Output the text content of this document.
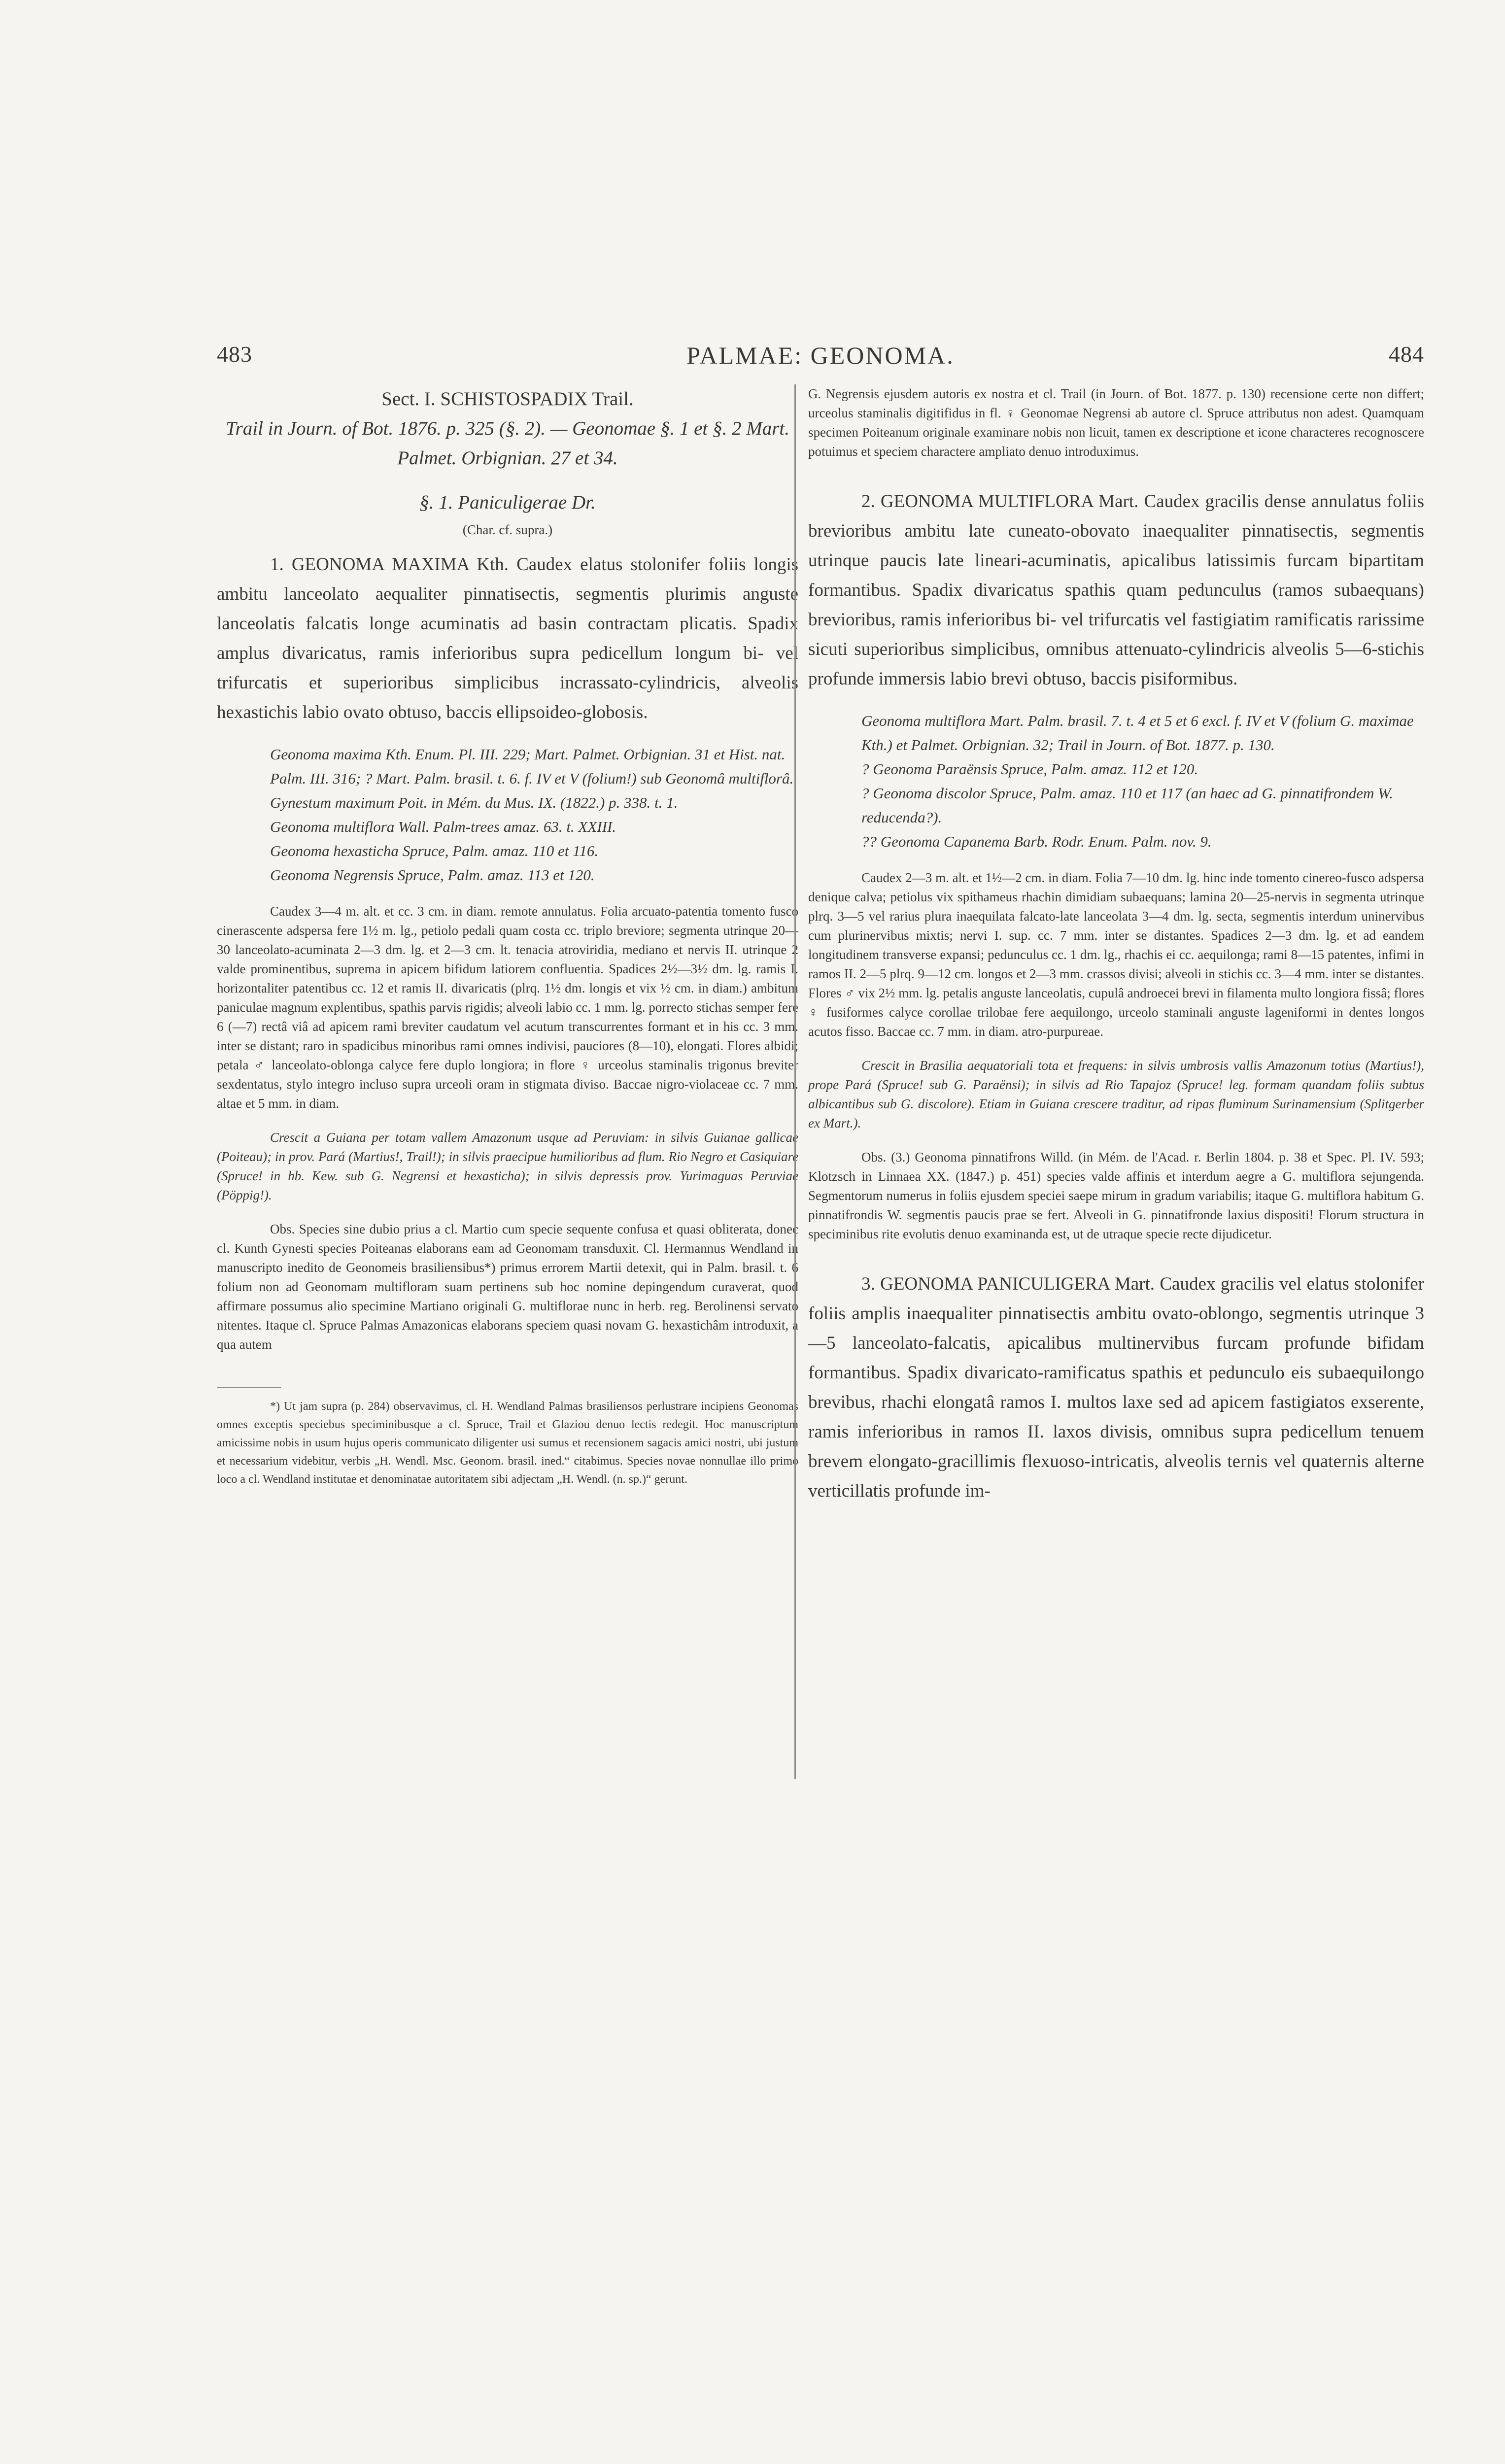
483	PALMAE: GEONOMA.	484

Sect. I. SCHISTOSPADIX Trail.

Trail in Journ. of Bot. 1876. p. 325 (§. 2). — Geonomae §. 1 et §. 2 Mart. Palmet. Orbignian. 27 et 34.

§. 1. Paniculigerae Dr.

(Char. cf. supra.)

1. GEONOMA MAXIMA Kth. Caudex elatus stolonifer foliis longis ambitu lanceolato aequaliter pinnatisectis, segmentis plurimis anguste lanceolatis falcatis longe acuminatis ad basin contractam plicatis. Spadix amplus divaricatus, ramis inferioribus supra pedicellum longum bi- vel trifurcatis et superioribus simplicibus incrassato-cylindricis, alveolis hexastichis labio ovato obtuso, baccis ellipsoideo-globosis.

Geonoma maxima Kth. Enum. Pl. III. 229; Mart. Palmet. Orbignian. 31 et Hist. nat. Palm. III. 316; ? Mart. Palm. brasil. t. 6. f. IV et V (folium!) sub Geonomâ multiflorâ.

Gynestum maximum Poit. in Mém. du Mus. IX. (1822.) p. 338. t. 1.

Geonoma multiflora Wall. Palm-trees amaz. 63. t. XXIII.

Geonoma hexasticha Spruce, Palm. amaz. 110 et 116.

Geonoma Negrensis Spruce, Palm. amaz. 113 et 120.

Caudex 3—4 m. alt. et cc. 3 cm. in diam. remote annulatus. Folia arcuato-patentia tomento fusco cinerascente adspersa fere 1½ m. lg., petiolo pedali quam costa cc. triplo breviore; segmenta utrinque 20—30 lanceolato-acuminata 2—3 dm. lg. et 2—3 cm. lt. tenacia atroviridia, mediano et nervis II. utrinque 2 valde prominentibus, suprema in apicem bifidum latiorem confluentia. Spadices 2½—3½ dm. lg. ramis I. horizontaliter patentibus cc. 12 et ramis II. divaricatis (plrq. 1½ dm. longis et vix ½ cm. in diam.) ambitum paniculae magnum explentibus, spathis parvis rigidis; alveoli labio cc. 1 mm. lg. porrecto stichas semper fere 6 (—7) rectâ viâ ad apicem rami breviter caudatum vel acutum transcurrentes formant et in his cc. 3 mm. inter se distant; raro in spadicibus minoribus rami omnes indivisi, pauciores (8—10), elongati. Flores albidi; petala ♂ lanceolato-oblonga calyce fere duplo longiora; in flore ♀ urceolus staminalis trigonus breviter sexdentatus, stylo integro incluso supra urceoli oram in stigmata diviso. Baccae nigro-violaceae cc. 7 mm. altae et 5 mm. in diam.

Crescit a Guiana per totam vallem Amazonum usque ad Peruviam: in silvis Guianae gallicae (Poiteau); in prov. Pará (Martius!, Trail!); in silvis praecipue humilioribus ad flum. Rio Negro et Casiquiare (Spruce! in hb. Kew. sub G. Negrensi et hexasticha); in silvis depressis prov. Yurimaguas Peruviae (Pöppig!).

Obs. Species sine dubio prius a cl. Martio cum specie sequente confusa et quasi obliterata, donec cl. Kunth Gynesti species Poiteanas elaborans eam ad Geonomam transduxit. Cl. Hermannus Wendland in manuscripto inedito de Geonomeis brasiliensibus*) primus errorem Martii detexit, qui in Palm. brasil. t. 6 folium non ad Geonomam multifloram suam pertinens sub hoc nomine depingendum curaverat, quod affirmare possumus alio specimine Martiano originali G. multiflorae nunc in herb. reg. Berolinensi servato nitentes. Itaque cl. Spruce Palmas Amazonicas elaborans speciem quasi novam G. hexastichâm introduxit, a qua autem

*) Ut jam supra (p. 284) observavimus, cl. H. Wendland Palmas brasiliensos perlustrare incipiens Geonomas omnes exceptis speciebus speciminibusque a cl. Spruce, Trail et Glaziou denuo lectis redegit. Hoc manuscriptum amicissime nobis in usum hujus operis communicato diligenter usi sumus et recensionem sagacis amici nostri, ubi justum et necessarium videbitur, verbis „H. Wendl. Msc. Geonom. brasil. ined.“ citabimus. Species novae nonnullae illo primo loco a cl. Wendland institutae et denominatae autoritatem sibi adjectam „H. Wendl. (n. sp.)“ gerunt.

G. Negrensis ejusdem autoris ex nostra et cl. Trail (in Journ. of Bot. 1877. p. 130) recensione certe non differt; urceolus staminalis digitifidus in fl. ♀ Geonomae Negrensi ab autore cl. Spruce attributus non adest. Quamquam specimen Poiteanum originale examinare nobis non licuit, tamen ex descriptione et icone characteres recognoscere potuimus et speciem charactere ampliato denuo introduximus.

2. GEONOMA MULTIFLORA Mart. Caudex gracilis dense annulatus foliis brevioribus ambitu late cuneato-obovato inaequaliter pinnatisectis, segmentis utrinque paucis late lineari-acuminatis, apicalibus latissimis furcam bipartitam formantibus. Spadix divaricatus spathis quam pedunculus (ramos subaequans) brevioribus, ramis inferioribus bi- vel trifurcatis vel fastigiatim ramificatis rarissime sicuti superioribus simplicibus, omnibus attenuato-cylindricis alveolis 5—6-stichis profunde immersis labio brevi obtuso, baccis pisiformibus.

Geonoma multiflora Mart. Palm. brasil. 7. t. 4 et 5 et 6 excl. f. IV et V (folium G. maximae Kth.) et Palmet. Orbignian. 32; Trail in Journ. of Bot. 1877. p. 130.

? Geonoma Paraënsis Spruce, Palm. amaz. 112 et 120.

? Geonoma discolor Spruce, Palm. amaz. 110 et 117 (an haec ad G. pinnatifrondem W. reducenda?).

?? Geonoma Capanema Barb. Rodr. Enum. Palm. nov. 9.

Caudex 2—3 m. alt. et 1½—2 cm. in diam. Folia 7—10 dm. lg. hinc inde tomento cinereo-fusco adspersa denique calva; petiolus vix spithameus rhachin dimidiam subaequans; lamina 20—25-nervis in segmenta utrinque plrq. 3—5 vel rarius plura inaequilata falcato-late lanceolata 3—4 dm. lg. secta, segmentis interdum uninervibus cum plurinervibus mixtis; nervi I. sup. cc. 7 mm. inter se distantes. Spadices 2—3 dm. lg. et ad eandem longitudinem transverse expansi; pedunculus cc. 1 dm. lg., rhachis ei cc. aequilonga; rami 8—15 patentes, infimi in ramos II. 2—5 plrq. 9—12 cm. longos et 2—3 mm. crassos divisi; alveoli in stichis cc. 3—4 mm. inter se distantes. Flores ♂ vix 2½ mm. lg. petalis anguste lanceolatis, cupulâ androecei brevi in filamenta multo longiora fissâ; flores ♀ fusiformes calyce corollae trilobae fere aequilongo, urceolo staminali anguste lageniformi in dentes longos acutos fisso. Baccae cc. 7 mm. in diam. atro-purpureae.

Crescit in Brasilia aequatoriali tota et frequens: in silvis umbrosis vallis Amazonum totius (Martius!), prope Pará (Spruce! sub G. Paraënsi); in silvis ad Rio Tapajoz (Spruce! leg. formam quandam foliis subtus albicantibus sub G. discolore). Etiam in Guiana crescere traditur, ad ripas fluminum Surinamensium (Splitgerber ex Mart.).

Obs. (3.) Geonoma pinnatifrons Willd. (in Mém. de l'Acad. r. Berlin 1804. p. 38 et Spec. Pl. IV. 593; Klotzsch in Linnaea XX. (1847.) p. 451) species valde affinis et interdum aegre a G. multiflora sejungenda. Segmentorum numerus in foliis ejusdem speciei saepe mirum in gradum variabilis; itaque G. multiflora habitum G. pinnatifrondis W. segmentis paucis prae se fert. Alveoli in G. pinnatifronde laxius dispositi! Florum structura in speciminibus rite evolutis denuo examinanda est, ut de utraque specie recte dijudicetur.

3. GEONOMA PANICULIGERA Mart. Caudex gracilis vel elatus stolonifer foliis amplis inaequaliter pinnatisectis ambitu ovato-oblongo, segmentis utrinque 3—5 lanceolato-falcatis, apicalibus multinervibus furcam profunde bifidam formantibus. Spadix divaricato-ramificatus spathis et pedunculo eis subaequilongo brevibus, rhachi elongatâ ramos I. multos laxe sed ad apicem fastigiatos exserente, ramis inferioribus in ramos II. laxos divisis, omnibus supra pedicellum tenuem brevem elongato-gracillimis flexuoso-intricatis, alveolis ternis vel quaternis alterne verticillatis profunde im-
